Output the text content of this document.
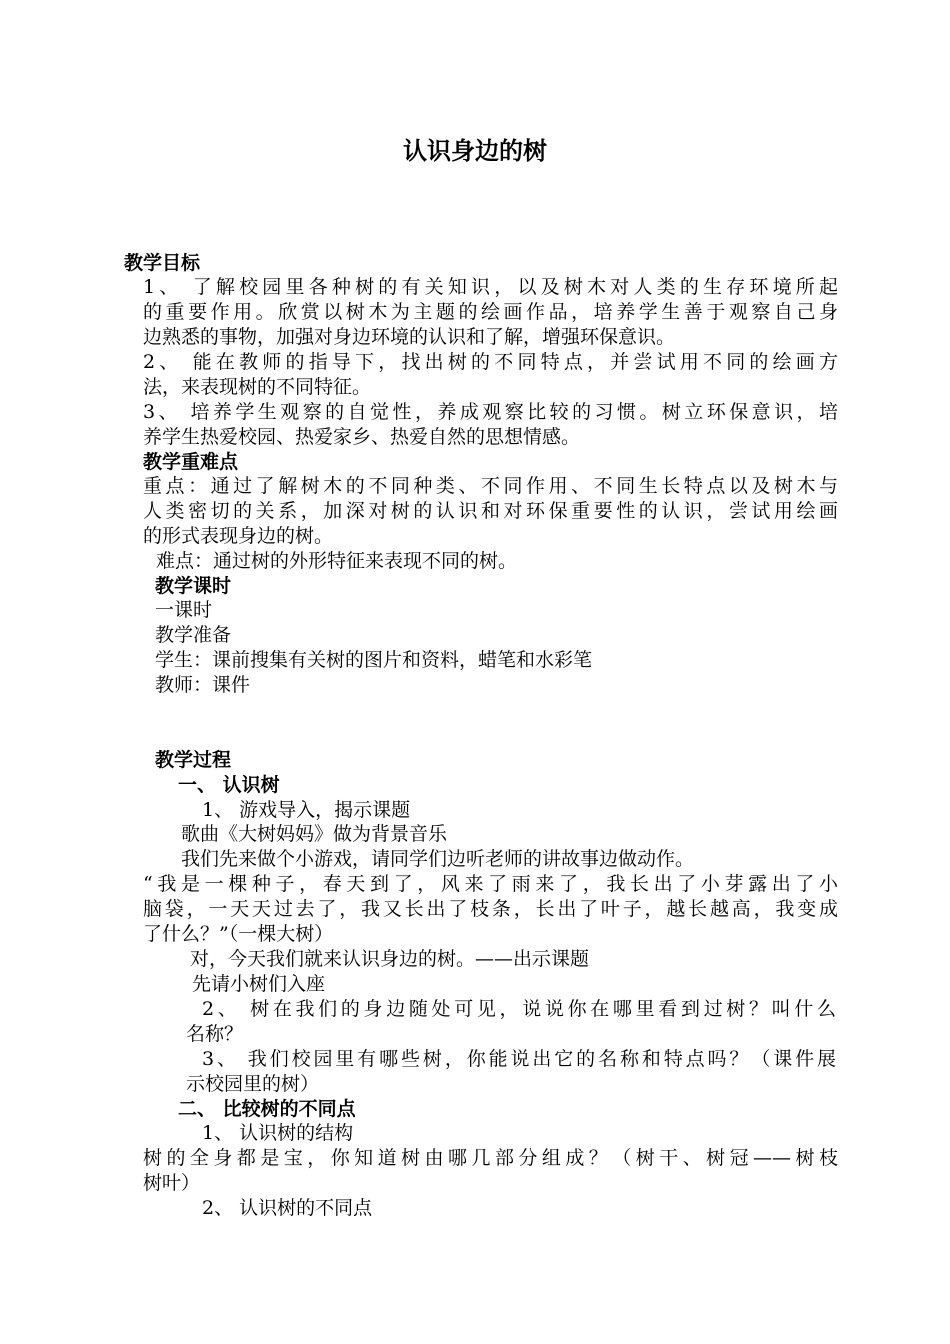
认识身边的树
教学目标
1、 了解校园里各种树的有关知识，以及树木对人类的生存环境所起
的重要作用。欣赏以树木为主题的绘画作品，培养学生善于观察自己身
边熟悉的事物，加强对身边环境的认识和了解，增强环保意识。
2、 能在教师的指导下，找出树的不同特点，并尝试用不同的绘画方
法，来表现树的不同特征。
3、 培养学生观察的自觉性，养成观察比较的习惯。树立环保意识，培
养学生热爱校园、热爱家乡、热爱自然的思想情感。
教学重难点
重点：通过了解树木的不同种类、不同作用、不同生长特点以及树木与
人类密切的关系，加深对树的认识和对环保重要性的认识，尝试用绘画
的形式表现身边的树。
难点：通过树的外形特征来表现不同的树。
教学课时
一课时
教学准备
学生：课前搜集有关树的图片和资料，蜡笔和水彩笔
教师：课件
教学过程
一、 认识树
1、 游戏导入，揭示课题
歌曲《大树妈妈》做为背景音乐
我们先来做个小游戏，请同学们边听老师的讲故事边做动作。
“我是一棵种子，春天到了，风来了雨来了，我长出了小芽露出了小
脑袋，一天天过去了，我又长出了枝条，长出了叶子，越长越高，我变成
了什么？”（一棵大树）
对，今天我们就来认识身边的树。——出示课题
先请小树们入座
2、 树在我们的身边随处可见，说说你在哪里看到过树？叫什么
名称？
3、 我们校园里有哪些树，你能说出它的名称和特点吗？（课件展
示校园里的树）
二、 比较树的不同点
1、 认识树的结构
树的全身都是宝，你知道树由哪几部分组成？（树干、树冠——树枝
树叶）
2、 认识树的不同点
